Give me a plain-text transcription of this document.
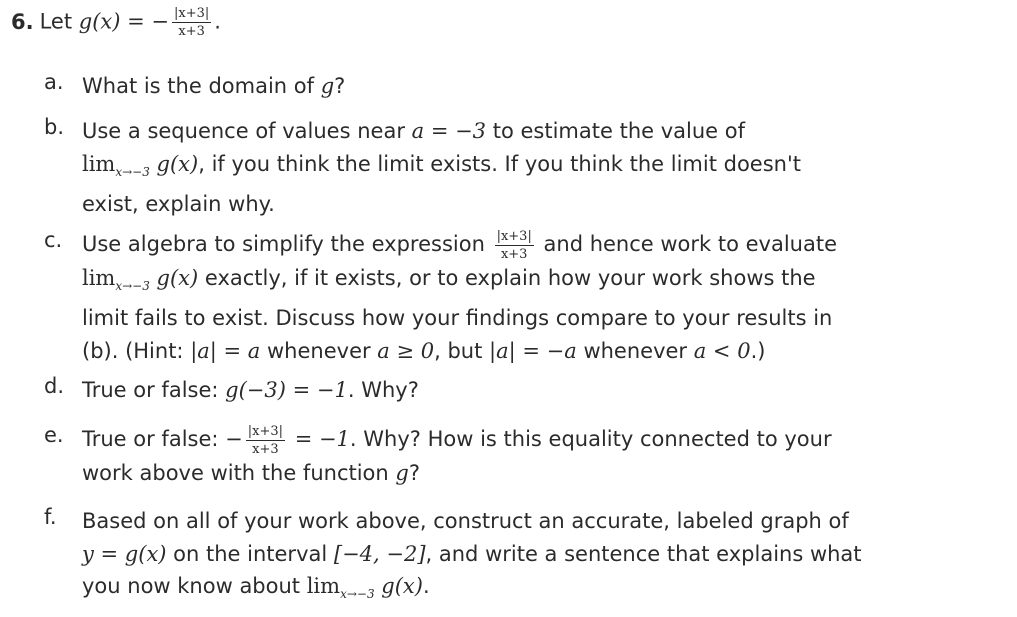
6. Let g(x) = − $\frac{|x+3|}{x+3}$ .
a. What is the domain of g?
b. Use a sequence of values near a = −3 to estimate the value of
$\lim_{x\to-3} g(x)$, if you think the limit exists. If you think the limit doesn't
exist, explain why.
c. Use algebra to simplify the expression $\frac{|x+3|}{x+3}$ and hence work to evaluate
$\lim_{x\to-3} g(x)$ exactly, if it exists, or to explain how your work shows the
limit fails to exist. Discuss how your findings compare to your results in
(b). (Hint: |a| = a whenever a ≥ 0, but |a| = −a whenever a < 0.)
d. True or false: g(−3) = −1. Why?
e. True or false: − $\frac{|x+3|}{x+3} = -1$. Why? How is this equality connected to your
work above with the function g?
f.	Based on all of your work above, construct an accurate, labeled graph of
y = g(x) on the interval [−4, −2], and write a sentence that explains what
you now know about $\lim_{x\to-3} g(x)$.
